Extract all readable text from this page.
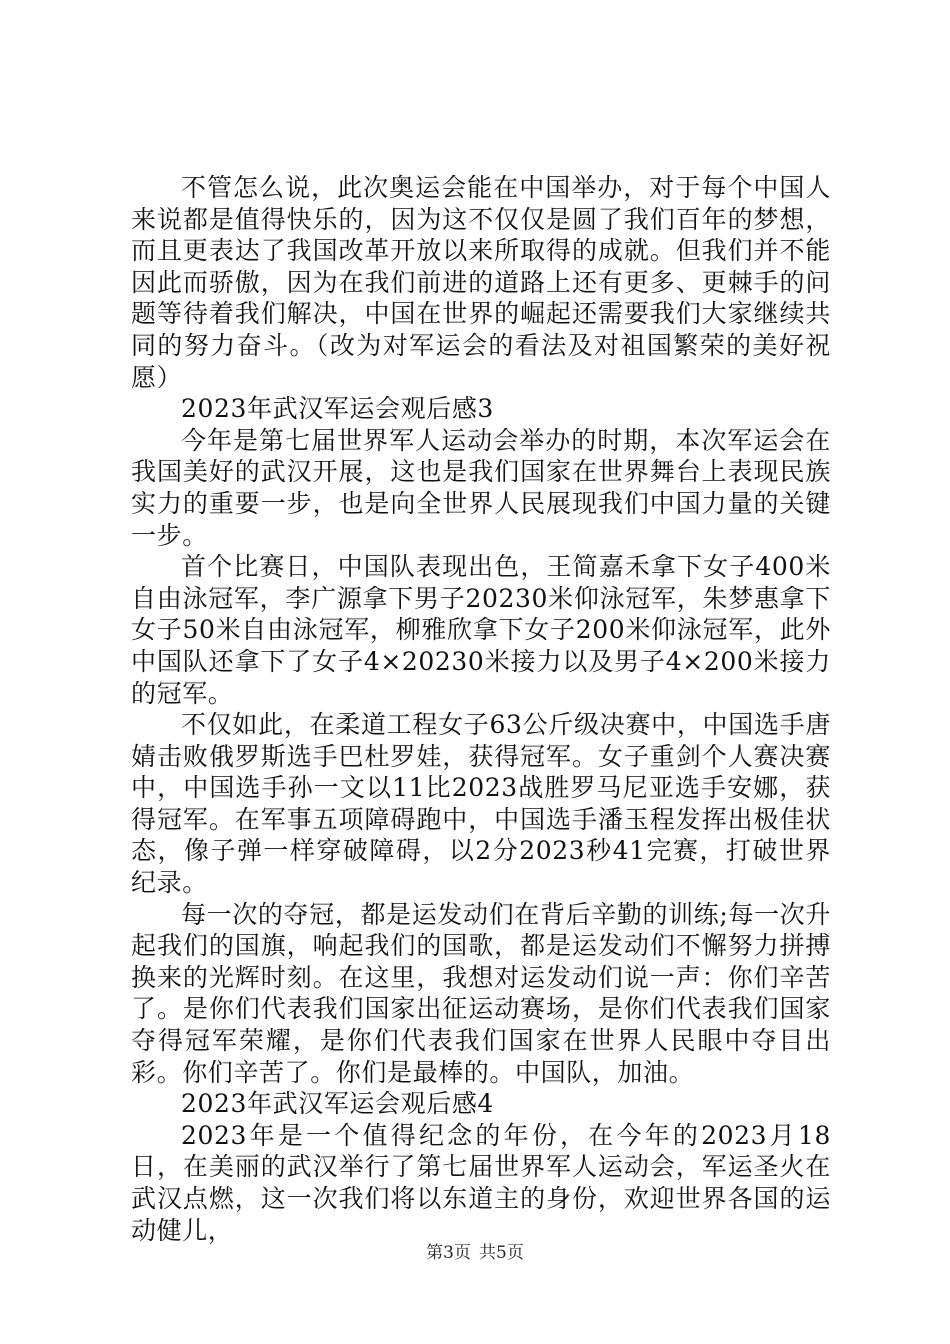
不管怎么说，此次奥运会能在中国举办，对于每个中国人来说都是值得快乐的，因为这不仅仅是圆了我们百年的梦想，而且更表达了我国改革开放以来所取得的成就。但我们并不能因此而骄傲，因为在我们前进的道路上还有更多、更棘手的问题等待着我们解决，中国在世界的崛起还需要我们大家继续共同的努力奋斗。（改为对军运会的看法及对祖国繁荣的美好祝愿）

2023年武汉军运会观后感3

今年是第七届世界军人运动会举办的时期，本次军运会在我国美好的武汉开展，这也是我们国家在世界舞台上表现民族实力的重要一步，也是向全世界人民展现我们中国力量的关键一步。

首个比赛日，中国队表现出色，王简嘉禾拿下女子400米自由泳冠军，李广源拿下男子20230米仰泳冠军，朱梦惠拿下女子50米自由泳冠军，柳雅欣拿下女子200米仰泳冠军，此外中国队还拿下了女子4×20230米接力以及男子4×200米接力的冠军。

不仅如此，在柔道工程女子63公斤级决赛中，中国选手唐婧击败俄罗斯选手巴杜罗娃，获得冠军。女子重剑个人赛决赛中，中国选手孙一文以11比2023战胜罗马尼亚选手安娜，获得冠军。在军事五项障碍跑中，中国选手潘玉程发挥出极佳状态，像子弹一样穿破障碍，以2分2023秒41完赛，打破世界纪录。

每一次的夺冠，都是运发动们在背后辛勤的训练;每一次升起我们的国旗，响起我们的国歌，都是运发动们不懈努力拼搏换来的光辉时刻。在这里，我想对运发动们说一声：你们辛苦了。是你们代表我们国家出征运动赛场，是你们代表我们国家夺得冠军荣耀，是你们代表我们国家在世界人民眼中夺目出彩。你们辛苦了。你们是最棒的。中国队，加油。

2023年武汉军运会观后感4

2023年是一个值得纪念的年份，在今年的2023月18日，在美丽的武汉举行了第七届世界军人运动会，军运圣火在武汉点燃，这一次我们将以东道主的身份，欢迎世界各国的运动健儿，

第3页 共5页
